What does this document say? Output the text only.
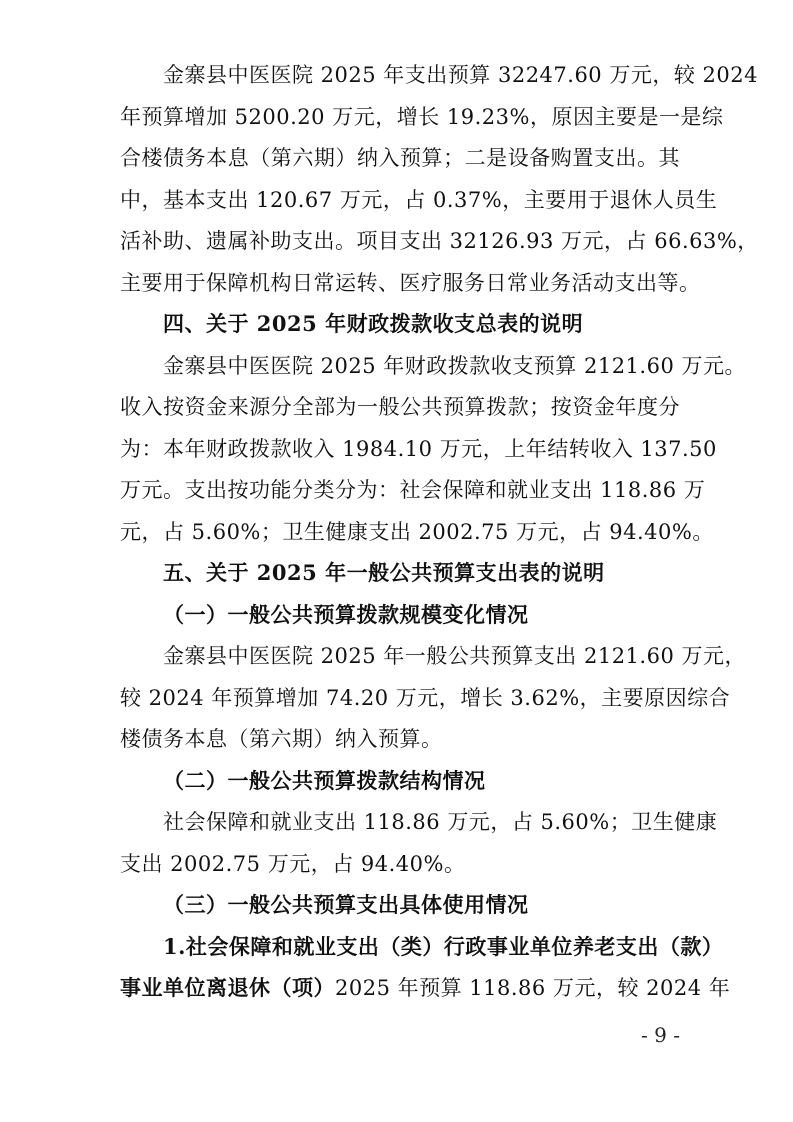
金寨县中医医院 2025 年支出预算 32247.60 万元，较 2024
年预算增加 5200.20 万元，增长 19.23%，原因主要是一是综
合楼债务本息（第六期）纳入预算；二是设备购置支出。其
中，基本支出 120.67 万元，占 0.37%，主要用于退休人员生
活补助、遗属补助支出。项目支出 32126.93 万元，占 66.63%，
主要用于保障机构日常运转、医疗服务日常业务活动支出等。
四、关于 2025 年财政拨款收支总表的说明
金寨县中医医院 2025 年财政拨款收支预算 2121.60 万元。
收入按资金来源分全部为一般公共预算拨款；按资金年度分
为：本年财政拨款收入 1984.10 万元，上年结转收入 137.50
万元。支出按功能分类分为：社会保障和就业支出 118.86 万
元，占 5.60%；卫生健康支出 2002.75 万元，占 94.40%。
五、关于 2025 年一般公共预算支出表的说明
（一）一般公共预算拨款规模变化情况
金寨县中医医院 2025 年一般公共预算支出 2121.60 万元，
较 2024 年预算增加 74.20 万元，增长 3.62%，主要原因综合
楼债务本息（第六期）纳入预算。
（二）一般公共预算拨款结构情况
社会保障和就业支出 118.86 万元，占 5.60%；卫生健康
支出 2002.75 万元，占 94.40%。
（三）一般公共预算支出具体使用情况
- 9 -
1.社会保障和就业支出（类）行政事业单位养老支出（款）
事业单位离退休（项）2025 年预算 118.86 万元，较 2024 年
